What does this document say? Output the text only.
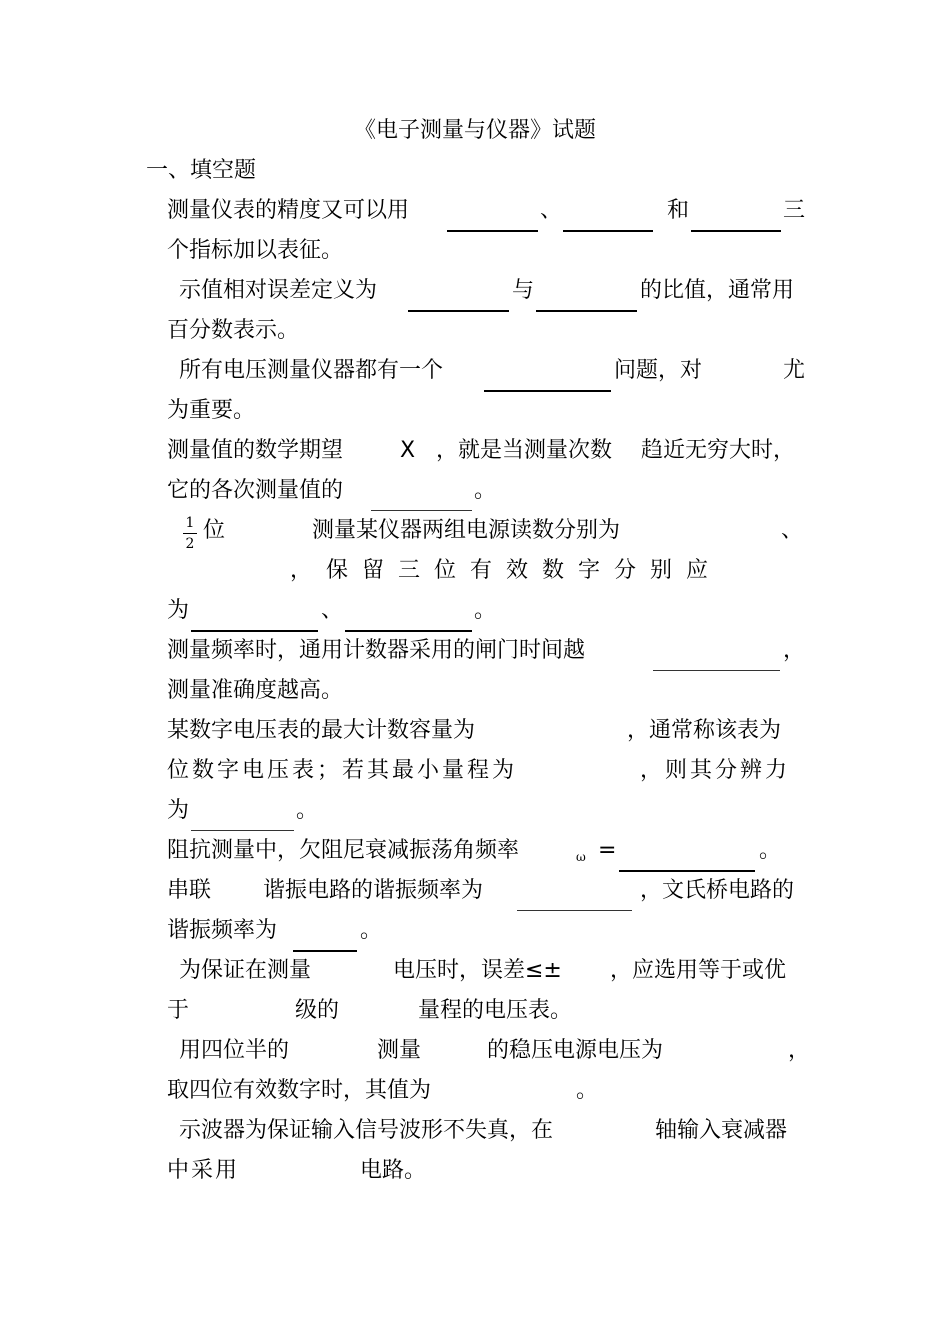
《电子测量与仪器》试题
一、填空题
测量仪表的精度又可以用	、	和	三
个指标加以表征。
示值相对误差定义为	与	的比值，通常用
百分数表示。
所有电压测量仪器都有一个	问题，对	尤
为重要。
测量值的数学期望	X ，就是当测量次数 趋近无穷大时，
它的各次测量值的	。
1
2
位	测量某仪器两组电源读数分别为	、
，保留三位有效数字分别应
为	、	。
测量频率时，通用计数器采用的闸门时间越	，
测量准确度越高。
某数字电压表的最大计数容量为	，通常称该表为
位数字电压表；若其最小量程为	，则其分辨力
为	。
阻抗测量中，欠阻尼衰减振荡角频率	ω =	。
串联 谐振电路的谐振频率为	，文氏桥电路的
谐振频率为	。
为保证在测量	电压时，误差≤± ，应选用等于或优
于	级的	量程的电压表。
用四位半的	测量	的稳压电源电压为	，
取四位有效数字时，其值为	。
示波器为保证输入信号波形不失真，在	轴输入衰减器
中采用	电路。
